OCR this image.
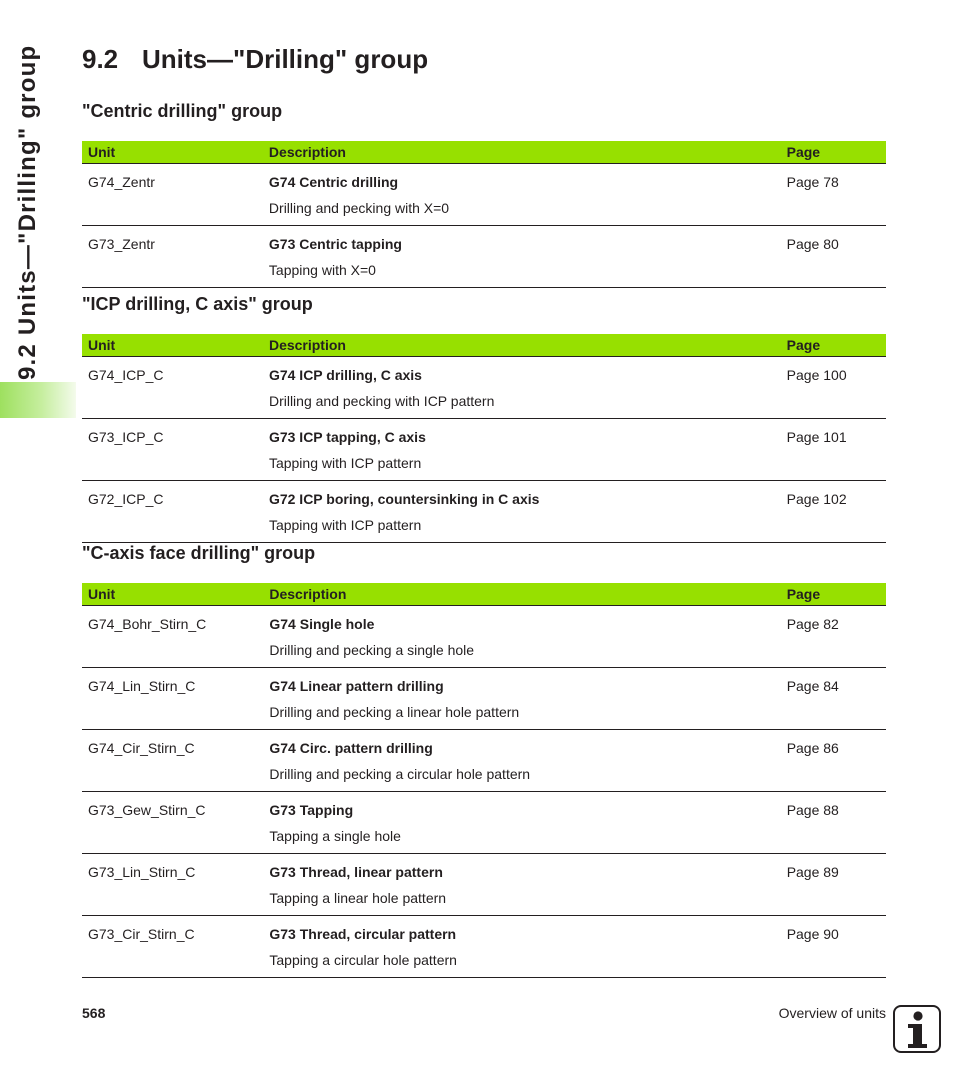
9.2 Units—"Drilling" group	9.2 Units—"Drilling" group
"Centric drilling" group
Unit	Description	Page
G74_Zentr	G74 Centric drilling	Page 78
	Drilling and pecking with X=0	
G73_Zentr	G73 Centric tapping	Page 80
	Tapping with X=0	
"ICP drilling, C axis" group
Unit	Description	Page
G74_ICP_C	G74 ICP drilling, C axis	Page 100
	Drilling and pecking with ICP pattern	
G73_ICP_C	G73 ICP tapping, C axis	Page 101
	Tapping with ICP pattern	
G72_ICP_C	G72 ICP boring, countersinking in C axis	Page 102
	Tapping with ICP pattern	
"C-axis face drilling" group
Unit	Description	Page
G74_Bohr_Stirn_C	G74 Single hole	Page 82
	Drilling and pecking a single hole	
G74_Lin_Stirn_C	G74 Linear pattern drilling	Page 84
	Drilling and pecking a linear hole pattern	
G74_Cir_Stirn_C	G74 Circ. pattern drilling	Page 86
	Drilling and pecking a circular hole pattern	
G73_Gew_Stirn_C	G73 Tapping	Page 88
	Tapping a single hole	
G73_Lin_Stirn_C	G73 Thread, linear pattern	Page 89
	Tapping a linear hole pattern	
G73_Cir_Stirn_C	G73 Thread, circular pattern	Page 90
	Tapping a circular hole pattern	
568	Overview of units
